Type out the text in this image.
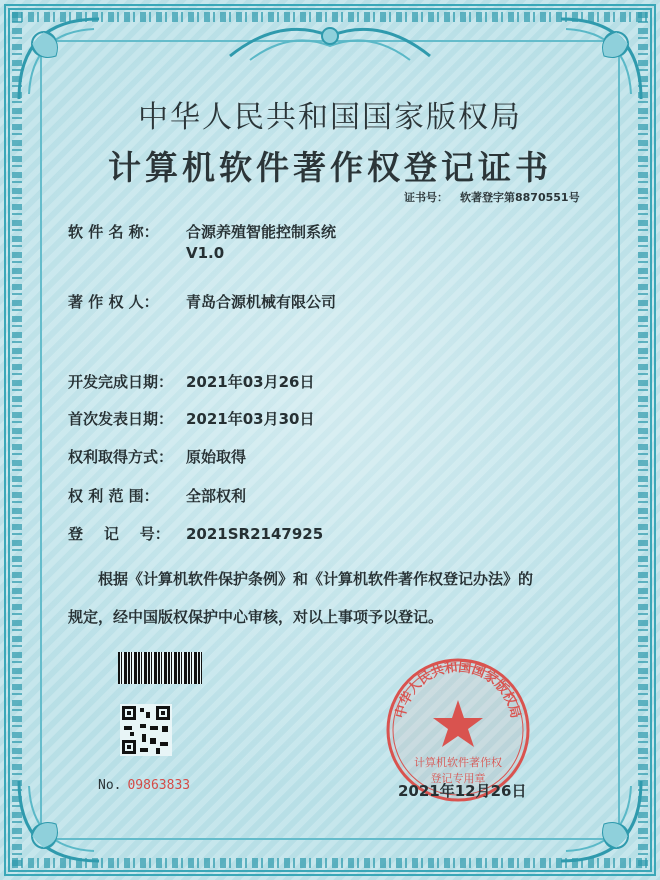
中华人民共和国国家版权局
计算机软件著作权登记证书
证书号： 软著登字第8870551号
软 件 名 称： 合源养殖智能控制系统
V1.0
著 作 权 人： 青岛合源机械有限公司
开发完成日期： 2021年03月26日
首次发表日期： 2021年03月30日
权利取得方式： 原始取得
权 利 范 围： 全部权利
登    记    号： 2021SR2147925
根据《计算机软件保护条例》和《计算机软件著作权登记办法》的
规定，经中国版权保护中心审核，对以上事项予以登记。
No. 09863833
中华人民共和国国家版权局
计算机软件著作权
登记专用章
2021年12月26日
